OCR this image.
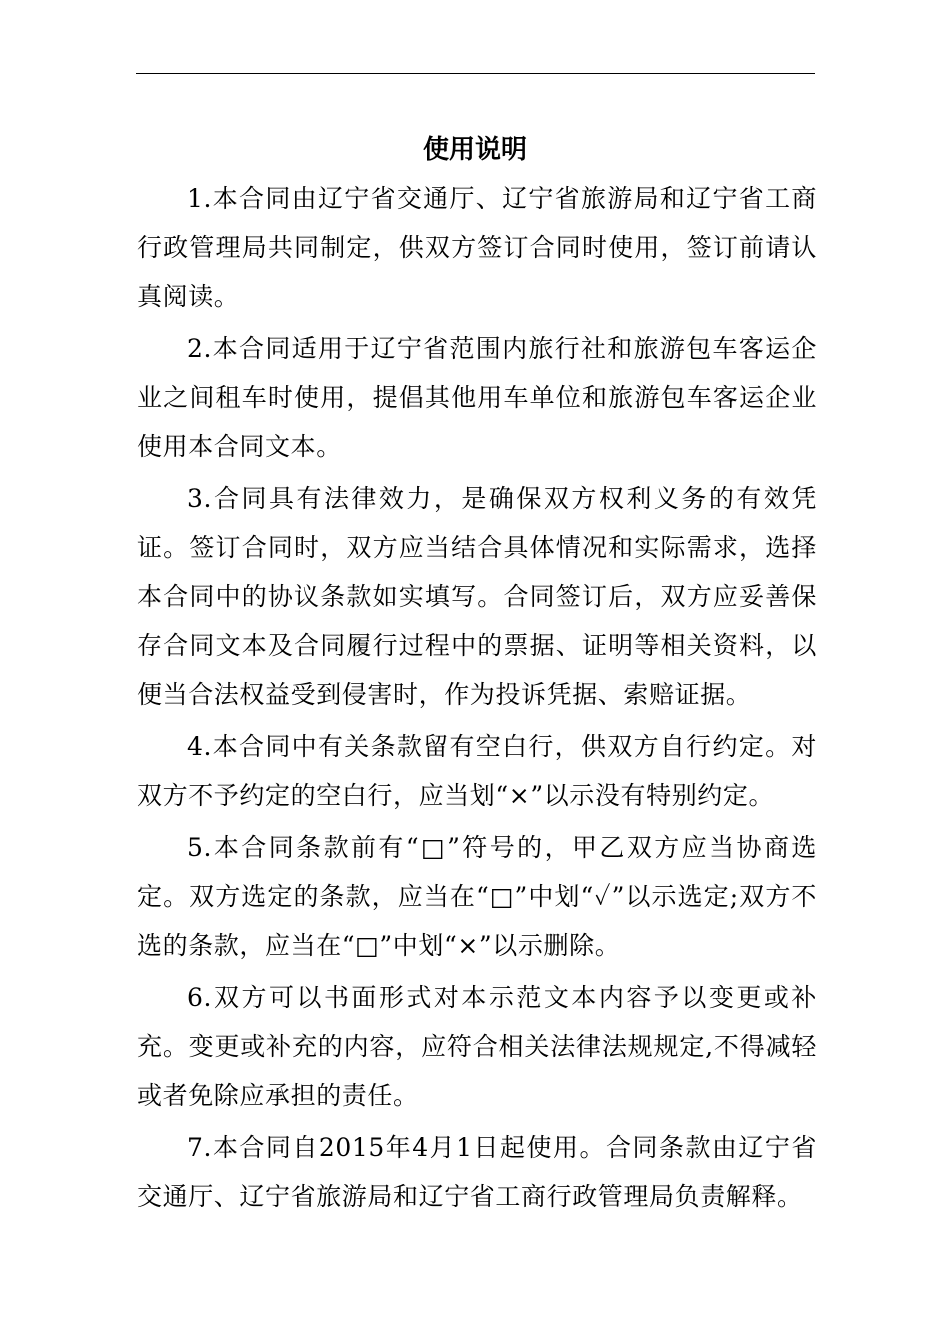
使用说明

1.本合同由辽宁省交通厅、辽宁省旅游局和辽宁省工商行政管理局共同制定，供双方签订合同时使用，签订前请认真阅读。

2.本合同适用于辽宁省范围内旅行社和旅游包车客运企业之间租车时使用，提倡其他用车单位和旅游包车客运企业使用本合同文本。

3.合同具有法律效力，是确保双方权利义务的有效凭证。签订合同时，双方应当结合具体情况和实际需求，选择本合同中的协议条款如实填写。合同签订后，双方应妥善保存合同文本及合同履行过程中的票据、证明等相关资料，以便当合法权益受到侵害时，作为投诉凭据、索赔证据。

4.本合同中有关条款留有空白行，供双方自行约定。对双方不予约定的空白行，应当划“×”以示没有特别约定。

5.本合同条款前有“□”符号的，甲乙双方应当协商选定。双方选定的条款，应当在“□”中划“✓”以示选定;双方不选的条款，应当在“□”中划“×”以示删除。

6.双方可以书面形式对本示范文本内容予以变更或补充。变更或补充的内容，应符合相关法律法规规定,不得减轻或者免除应承担的责任。

7.本合同自2015年4月1日起使用。合同条款由辽宁省交通厅、辽宁省旅游局和辽宁省工商行政管理局负责解释。
